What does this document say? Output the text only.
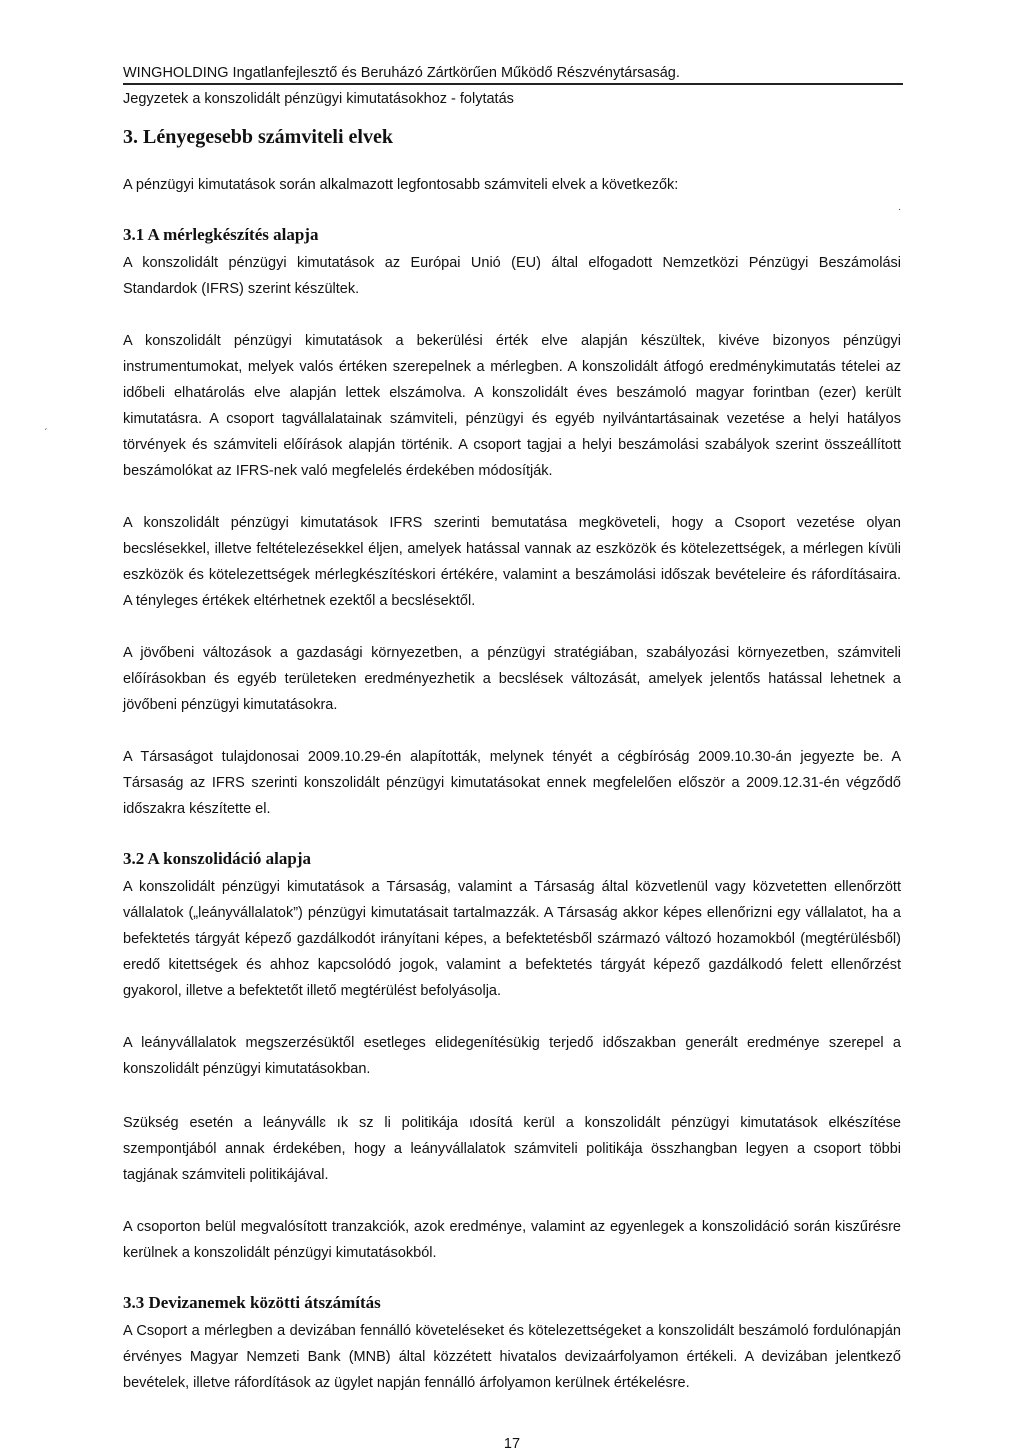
WINGHOLDING Ingatlanfejlesztő és Beruházó Zártkörűen Működő Részvénytársaság.
Jegyzetek a konszolidált pénzügyi kimutatásokhoz - folytatás
3. Lényegesebb számviteli elvek

A pénzügyi kimutatások során alkalmazott legfontosabb számviteli elvek a következők:

3.1 A mérlegkészítés alapja

A konszolidált pénzügyi kimutatások az Európai Unió (EU) által elfogadott Nemzetközi Pénzügyi Beszámolási Standardok (IFRS) szerint készültek.

A konszolidált pénzügyi kimutatások a bekerülési érték elve alapján készültek, kivéve bizonyos pénzügyi instrumentumokat, melyek valós értéken szerepelnek a mérlegben. A konszolidált átfogó eredménykimutatás tételei az időbeli elhatárolás elve alapján lettek elszámolva. A konszolidált éves beszámoló magyar forintban (ezer) került kimutatásra. A csoport tagvállalatainak számviteli, pénzügyi és egyéb nyilvántartásainak vezetése a helyi hatályos törvények és számviteli előírások alapján történik. A csoport tagjai a helyi beszámolási szabályok szerint összeállított beszámolókat az IFRS-nek való megfelelés érdekében módosítják.

A konszolidált pénzügyi kimutatások IFRS szerinti bemutatása megköveteli, hogy a Csoport vezetése olyan becslésekkel, illetve feltételezésekkel éljen, amelyek hatással vannak az eszközök és kötelezettségek, a mérlegen kívüli eszközök és kötelezettségek mérlegkészítéskori értékére, valamint a beszámolási időszak bevételeire és ráfordításaira. A tényleges értékek eltérhetnek ezektől a becslésektől.

A jövőbeni változások a gazdasági környezetben, a pénzügyi stratégiában, szabályozási környezetben, számviteli előírásokban és egyéb területeken eredményezhetik a becslések változását, amelyek jelentős hatással lehetnek a jövőbeni pénzügyi kimutatásokra.

A Társaságot tulajdonosai 2009.10.29-én alapították, melynek tényét a cégbíróság 2009.10.30-án jegyezte be. A Társaság az IFRS szerinti konszolidált pénzügyi kimutatásokat ennek megfelelően először a 2009.12.31-én végződő időszakra készítette el.

3.2 A konszolidáció alapja

A konszolidált pénzügyi kimutatások a Társaság, valamint a Társaság által közvetlenül vagy közvetetten ellenőrzött vállalatok („leányvállalatok”) pénzügyi kimutatásait tartalmazzák. A Társaság akkor képes ellenőrizni egy vállalatot, ha a befektetés tárgyát képező gazdálkodót irányítani képes, a befektetésből származó változó hozamokból (megtérülésből) eredő kitettségek és ahhoz kapcsolódó jogok, valamint a befektetés tárgyát képező gazdálkodó felett ellenőrzést gyakorol, illetve a befektetőt illető megtérülést befolyásolja.

A leányvállalatok megszerzésüktől esetleges elidegenítésükig terjedő időszakban generált eredménye szerepel a konszolidált pénzügyi kimutatásokban.

Szükség esetén a leányvállɛ ık sz li politikája ıdosítá kerül a konszolidált pénzügyi kimutatások elkészítése szempontjából annak érdekében, hogy a leányvállalatok számviteli politikája összhangban legyen a csoport többi tagjának számviteli politikájával.

A csoporton belül megvalósított tranzakciók, azok eredménye, valamint az egyenlegek a konszolidáció során kiszűrésre kerülnek a konszolidált pénzügyi kimutatásokból.

3.3 Devizanemek közötti átszámítás

A Csoport a mérlegben a devizában fennálló követeléseket és kötelezettségeket a konszolidált beszámoló fordulónapján érvényes Magyar Nemzeti Bank (MNB) által közzétett hivatalos devizaárfolyamon értékeli. A devizában jelentkező bevételek, illetve ráfordítások az ügylet napján fennálló árfolyamon kerülnek értékelésre.

17
·
ˏ
